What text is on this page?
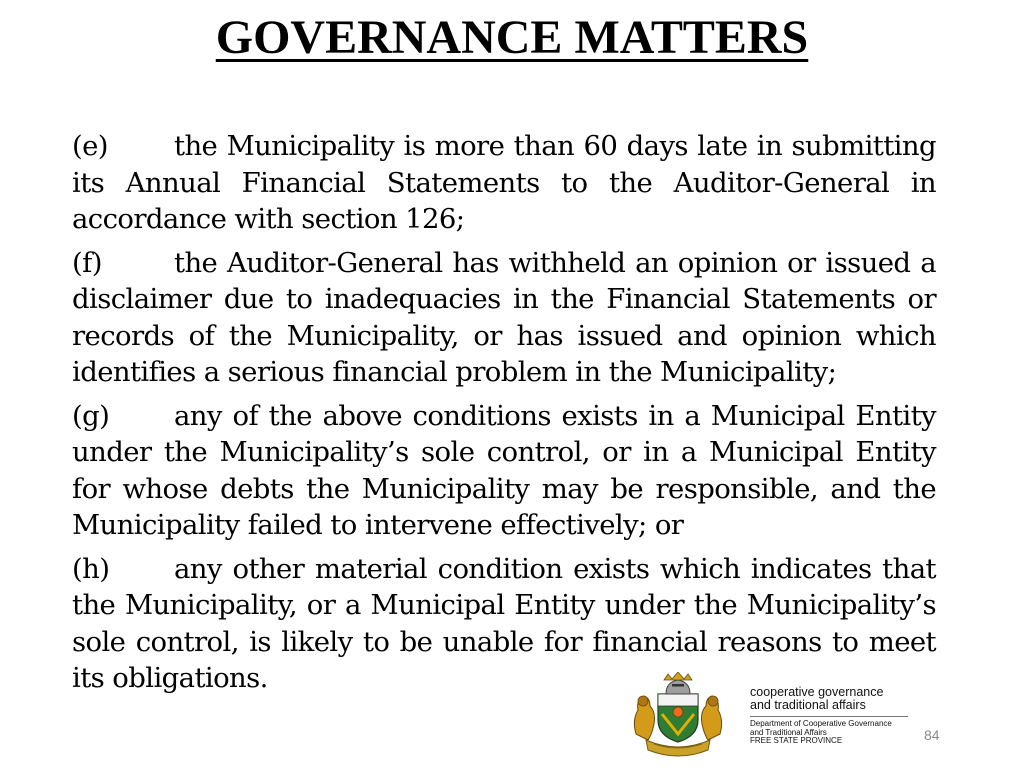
GOVERNANCE MATTERS

(e) the Municipality is more than 60 days late in submitting its Annual Financial Statements to the Auditor-General in accordance with section 126;

(f)	the Auditor-General has withheld an opinion or issued a disclaimer due to inadequacies in the Financial Statements or records of the Municipality, or has issued and opinion which identifies a serious financial problem in the Municipality;

(g) any of the above conditions exists in a Municipal Entity under the Municipality’s sole control, or in a Municipal Entity for whose debts the Municipality may be responsible, and the Municipality failed to intervene effectively; or

(h) any other material condition exists which indicates that the Municipality, or a Municipal Entity under the Municipality’s sole control, is likely to be unable for financial reasons to meet its obligations.	cooperative governance

and traditional affairs

Department of Cooperative Governance

and Traditional Affairs

FREE STATE PROVINCE	84
